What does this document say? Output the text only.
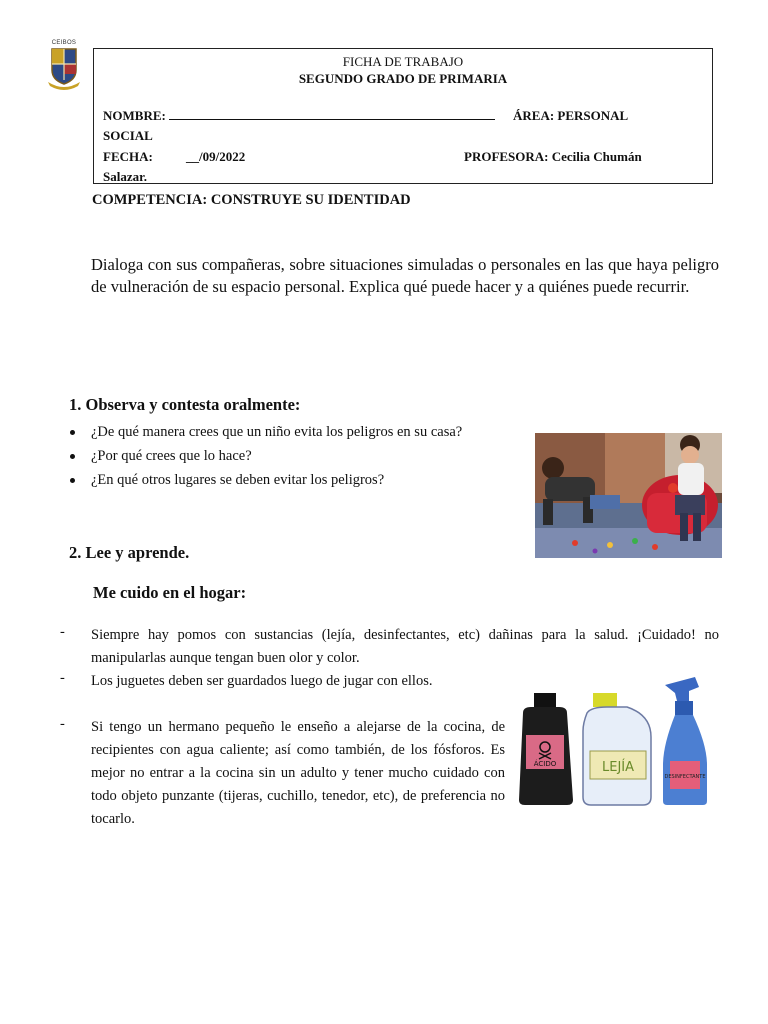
CEIBOS
FICHA DE TRABAJO
SEGUNDO GRADO DE PRIMARIA
NOMBRE:	ÁREA: PERSONAL
SOCIAL
FECHA:	__/09/2022	PROFESORA: Cecilia Chumán
Salazar.
COMPETENCIA: CONSTRUYE SU IDENTIDAD
Dialoga con sus compañeras, sobre situaciones simuladas o personales en las que haya peligro de vulneración de su espacio personal. Explica qué puede hacer y a quiénes puede recurrir.
1. Observa y contesta oralmente:
¿De qué manera crees que un niño evita los peligros en su casa?
¿Por qué crees que lo hace?
¿En qué otros lugares se deben evitar los peligros?
2. Lee y aprende.
Me cuido en el hogar:
- Siempre hay pomos con sustancias (lejía, desinfectantes, etc) dañinas para la salud. ¡Cuidado! no manipularlas aunque tengan buen olor y color.
- Los juguetes deben ser guardados luego de jugar con ellos.
- Si tengo un hermano pequeño le enseño a alejarse de la cocina, de recipientes con agua caliente; así como también, de los fósforos. Es mejor no entrar a la cocina sin un adulto y tener mucho cuidado con todo objeto punzante (tijeras, cuchillo, tenedor, etc), de preferencia no tocarlo.
ÁCIDO	LEJÍA
DESINFECTANTE
